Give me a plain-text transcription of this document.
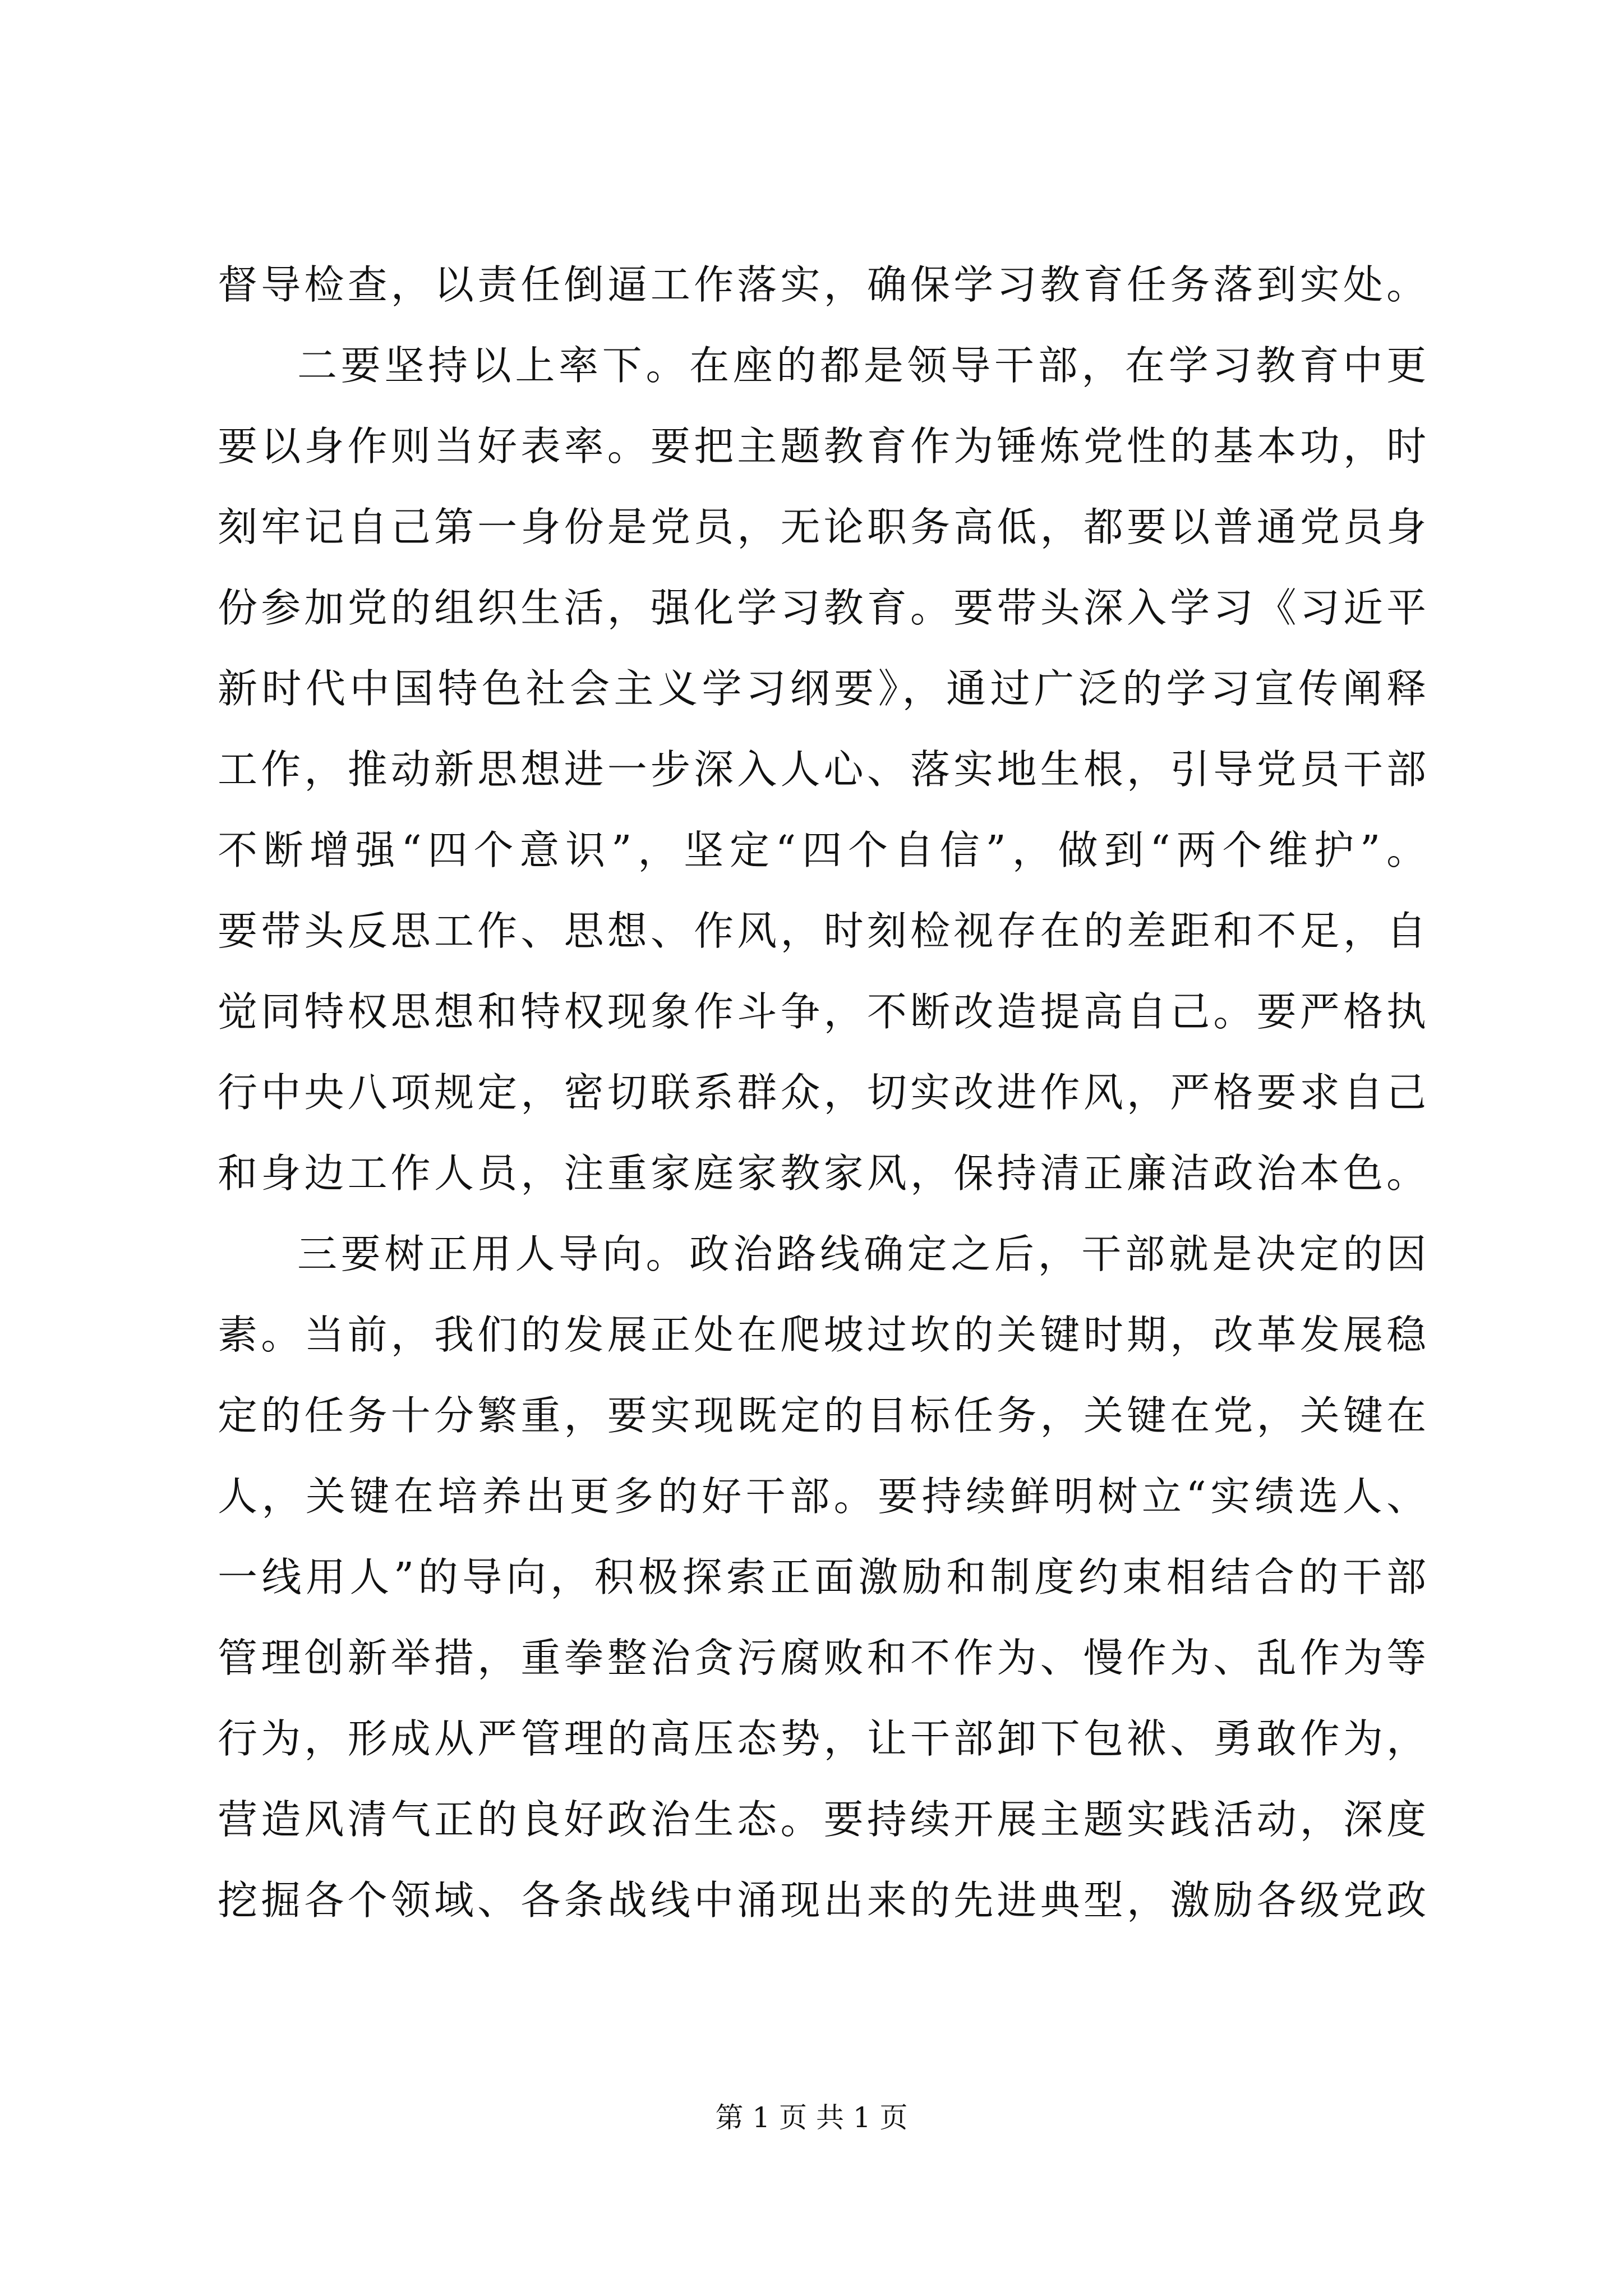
督导检查，以责任倒逼工作落实，确保学习教育任务落到实处。
二要坚持以上率下。在座的都是领导干部，在学习教育中更
要以身作则当好表率。要把主题教育作为锤炼党性的基本功，时
刻牢记自己第一身份是党员，无论职务高低，都要以普通党员身
份参加党的组织生活，强化学习教育。要带头深入学习《习近平
新时代中国特色社会主义学习纲要》，通过广泛的学习宣传阐释
工作，推动新思想进一步深入人心、落实地生根，引导党员干部
不断增强“四个意识”，坚定“四个自信”，做到“两个维护”。
要带头反思工作、思想、作风，时刻检视存在的差距和不足，自
觉同特权思想和特权现象作斗争，不断改造提高自己。要严格执
行中央八项规定，密切联系群众，切实改进作风，严格要求自己
和身边工作人员，注重家庭家教家风，保持清正廉洁政治本色。
三要树正用人导向。政治路线确定之后，干部就是决定的因
素。当前，我们的发展正处在爬坡过坎的关键时期，改革发展稳
定的任务十分繁重，要实现既定的目标任务，关键在党，关键在
人，关键在培养出更多的好干部。要持续鲜明树立“实绩选人、
一线用人”的导向，积极探索正面激励和制度约束相结合的干部
管理创新举措，重拳整治贪污腐败和不作为、慢作为、乱作为等
行为，形成从严管理的高压态势，让干部卸下包袱、勇敢作为，
营造风清气正的良好政治生态。要持续开展主题实践活动，深度
挖掘各个领域、各条战线中涌现出来的先进典型，激励各级党政
第 1 页 共 1 页
